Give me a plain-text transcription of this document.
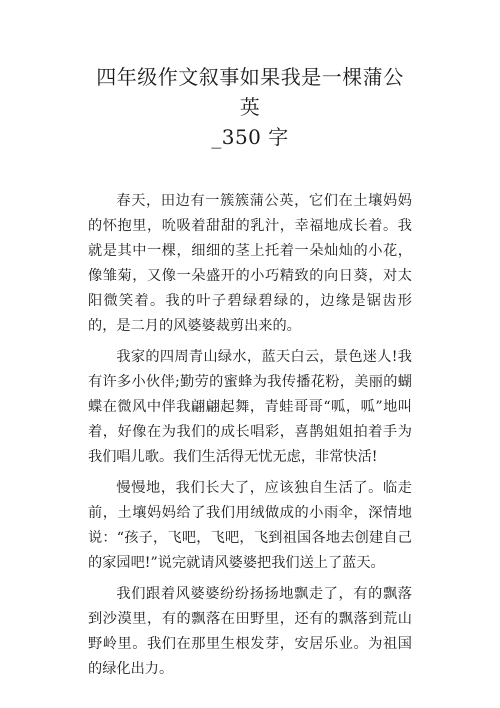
四年级作文叙事如果我是一棵蒲公英
_350 字

春天，田边有一簇簇蒲公英，它们在土壤妈妈的怀抱里，吮吸着甜甜的乳汁，幸福地成长着。我就是其中一棵，细细的茎上托着一朵灿灿的小花，像雏菊，又像一朵盛开的小巧精致的向日葵，对太阳微笑着。我的叶子碧绿碧绿的，边缘是锯齿形的，是二月的风婆婆裁剪出来的。

我家的四周青山绿水，蓝天白云，景色迷人!我有许多小伙伴;勤劳的蜜蜂为我传播花粉，美丽的蝴蝶在微风中伴我翩翩起舞，青蛙哥哥“呱，呱”地叫着，好像在为我们的成长唱彩，喜鹊姐姐拍着手为我们唱儿歌。我们生活得无忧无虑，非常快活!

慢慢地，我们长大了，应该独自生活了。临走前，土壤妈妈给了我们用绒做成的小雨伞，深情地说：“孩子，飞吧，飞吧，飞到祖国各地去创建自己的家园吧!”说完就请风婆婆把我们送上了蓝天。

我们跟着风婆婆纷纷扬扬地飘走了，有的飘落到沙漠里，有的飘落在田野里，还有的飘落到荒山野岭里。我们在那里生根发芽，安居乐业。为祖国的绿化出力。
